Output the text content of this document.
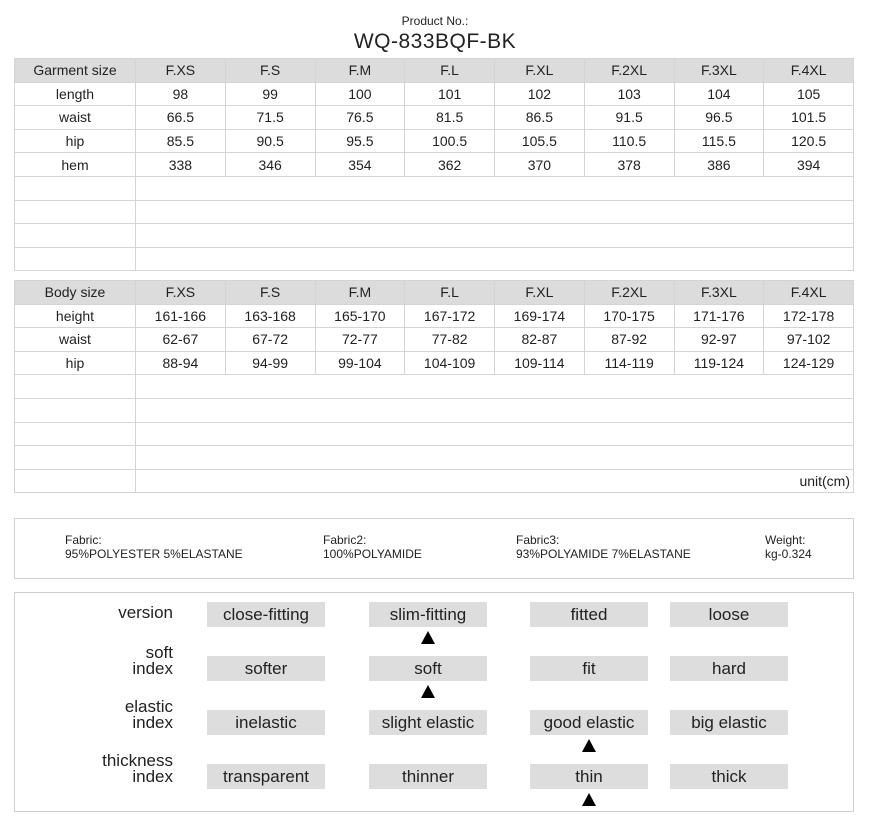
Product No.:
WQ-833BQF-BK
Garment size	F.XS	F.S	F.M	F.L	F.XL	F.2XL	F.3XL	F.4XL
length	98	99	100	101	102	103	104	105
waist	66.5	71.5	76.5	81.5	86.5	91.5	96.5	101.5
hip	85.5	90.5	95.5	100.5	105.5	110.5	115.5	120.5
hem	338	346	354	362	370	378	386	394

Body size	F.XS	F.S	F.M	F.L	F.XL	F.2XL	F.3XL	F.4XL
height	161-166	163-168	165-170	167-172	169-174	170-175	171-176	172-178
waist	62-67	67-72	72-77	77-82	82-87	87-92	92-97	97-102
hip	88-94	94-99	99-104	104-109	109-114	114-119	119-124	124-129

	unit(cm)							
Fabric:
95%POLYESTER 5%ELASTANE
Fabric2:
100%POLYAMIDE
Fabric3:
93%POLYAMIDE 7%ELASTANE
Weight:
kg-0.324
version	close-fitting	slim-fitting	fitted	loose
soft index	softer	soft	fit	hard
elastic index	inelastic	slight elastic	good elastic	big elastic
thickness index	transparent	thinner	thin	thick
